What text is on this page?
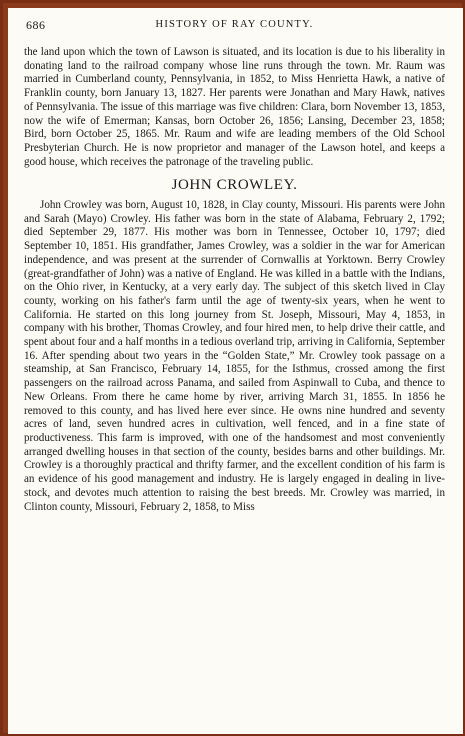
686	HISTORY OF RAY COUNTY.

the land upon which the town of Lawson is situated, and its location is due to his liberality in donating land to the railroad company whose line runs through the town. Mr. Raum was married in Cumberland county, Pennsylvania, in 1852, to Miss Henrietta Hawk, a native of Franklin county, born January 13, 1827. Her parents were Jonathan and Mary Hawk, natives of Pennsylvania. The issue of this marriage was five children: Clara, born November 13, 1853, now the wife of Emerman; Kansas, born October 26, 1856; Lansing, December 23, 1858; Bird, born October 25, 1865. Mr. Raum and wife are leading members of the Old School Presbyterian Church. He is now proprietor and manager of the Lawson hotel, and keeps a good house, which receives the patronage of the traveling public.

JOHN CROWLEY.

John Crowley was born, August 10, 1828, in Clay county, Missouri. His parents were John and Sarah (Mayo) Crowley. His father was born in the state of Alabama, February 2, 1792; died September 29, 1877. His mother was born in Tennessee, October 10, 1797; died September 10, 1851. His grandfather, James Crowley, was a soldier in the war for American independence, and was present at the surrender of Cornwallis at Yorktown. Berry Crowley (great-grandfather of John) was a native of England. He was killed in a battle with the Indians, on the Ohio river, in Kentucky, at a very early day. The subject of this sketch lived in Clay county, working on his father's farm until the age of twenty-six years, when he went to California. He started on this long journey from St. Joseph, Missouri, May 4, 1853, in company with his brother, Thomas Crowley, and four hired men, to help drive their cattle, and spent about four and a half months in a tedious overland trip, arriving in California, September 16. After spending about two years in the “Golden State,” Mr. Crowley took passage on a steamship, at San Francisco, February 14, 1855, for the Isthmus, crossed among the first passengers on the railroad across Panama, and sailed from Aspinwall to Cuba, and thence to New Orleans. From there he came home by river, arriving March 31, 1855. In 1856 he removed to this county, and has lived here ever since. He owns nine hundred and seventy acres of land, seven hundred acres in cultivation, well fenced, and in a fine state of productiveness. This farm is improved, with one of the handsomest and most conveniently arranged dwelling houses in that section of the county, besides barns and other buildings. Mr. Crowley is a thoroughly practical and thrifty farmer, and the excellent condition of his farm is an evidence of his good management and industry. He is largely engaged in dealing in live-stock, and devotes much attention to raising the best breeds. Mr. Crowley was married, in Clinton county, Missouri, February 2, 1858, to Miss
